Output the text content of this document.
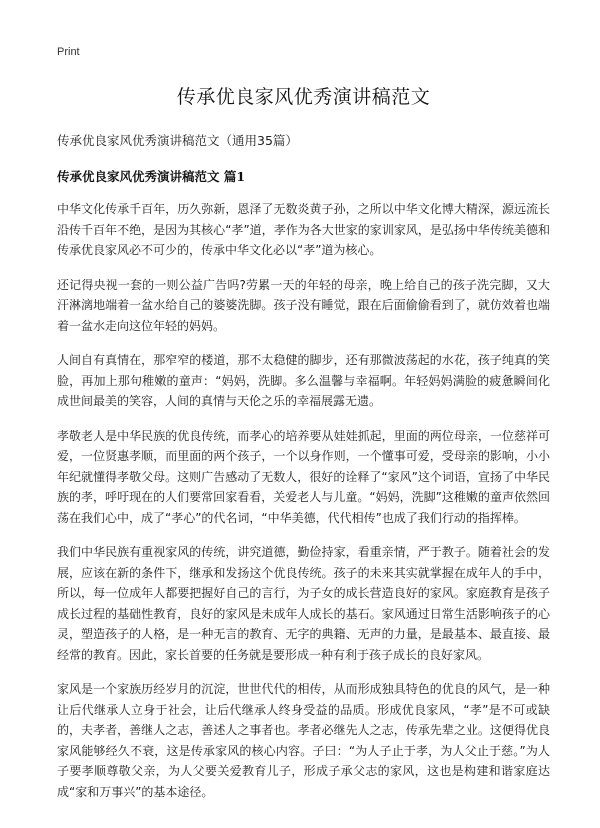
Print
传承优良家风优秀演讲稿范文

传承优良家风优秀演讲稿范文（通用35篇）

传承优良家风优秀演讲稿范文 篇1

中华文化传承千百年，历久弥新，恩泽了无数炎黄子孙，之所以中华文化博大精深，源远流长沿传千百年不绝，是因为其核心“孝”道，孝作为各大世家的家训家风，是弘扬中华传统美德和传承优良家风必不可少的，传承中华文化必以“孝”道为核心。

还记得央视一套的一则公益广告吗?劳累一天的年轻的母亲，晚上给自己的孩子洗完脚，又大汗淋漓地端着一盆水给自己的婆婆洗脚。孩子没有睡觉，跟在后面偷偷看到了，就仿效着也端着一盆水走向这位年轻的妈妈。

人间自有真情在，那窄窄的楼道，那不太稳健的脚步，还有那微波荡起的水花，孩子纯真的笑脸，再加上那句稚嫩的童声：“妈妈，洗脚。多么温馨与幸福啊。年轻妈妈满脸的疲惫瞬间化成世间最美的笑容，人间的真情与天伦之乐的幸福展露无遗。

孝敬老人是中华民族的优良传统，而孝心的培养要从娃娃抓起，里面的两位母亲，一位慈祥可爱，一位贤惠孝顺，而里面的两个孩子，一个以身作则，一个懂事可爱，受母亲的影响，小小年纪就懂得孝敬父母。这则广告感动了无数人，很好的诠释了“家风”这个词语，宣扬了中华民族的孝，呼吁现在的人们要常回家看看，关爱老人与儿童。“妈妈，洗脚”这稚嫩的童声依然回荡在我们心中，成了“孝心”的代名词，“中华美德，代代相传”也成了我们行动的指挥棒。

我们中华民族有重视家风的传统，讲究道德，勤俭持家，看重亲情，严于教子。随着社会的发展，应该在新的条件下，继承和发扬这个优良传统。孩子的未来其实就掌握在成年人的手中，所以，每一位成年人都要把握好自己的言行，为子女的成长营造良好的家风。家庭教育是孩子成长过程的基础性教育，良好的家风是未成年人成长的基石。家风通过日常生活影响孩子的心灵，塑造孩子的人格，是一种无言的教育、无字的典籍、无声的力量，是最基本、最直接、最经常的教育。因此，家长首要的任务就是要形成一种有利于孩子成长的良好家风。

家风是一个家族历经岁月的沉淀，世世代代的相传，从而形成独具特色的优良的风气，是一种让后代继承人立身于社会，让后代继承人终身受益的品质。形成优良家风，“孝”是不可或缺的，夫孝者，善继人之志，善述人之事者也。孝者必继先人之志，传承先辈之业。这便得优良家风能够经久不衰，这是传承家风的核心内容。子曰：“为人子止于孝，为人父止于慈。”为人子要孝顺尊敬父亲，为人父要关爱教育儿子，形成子承父志的家风，这也是构建和谐家庭达成“家和万事兴”的基本途径。
